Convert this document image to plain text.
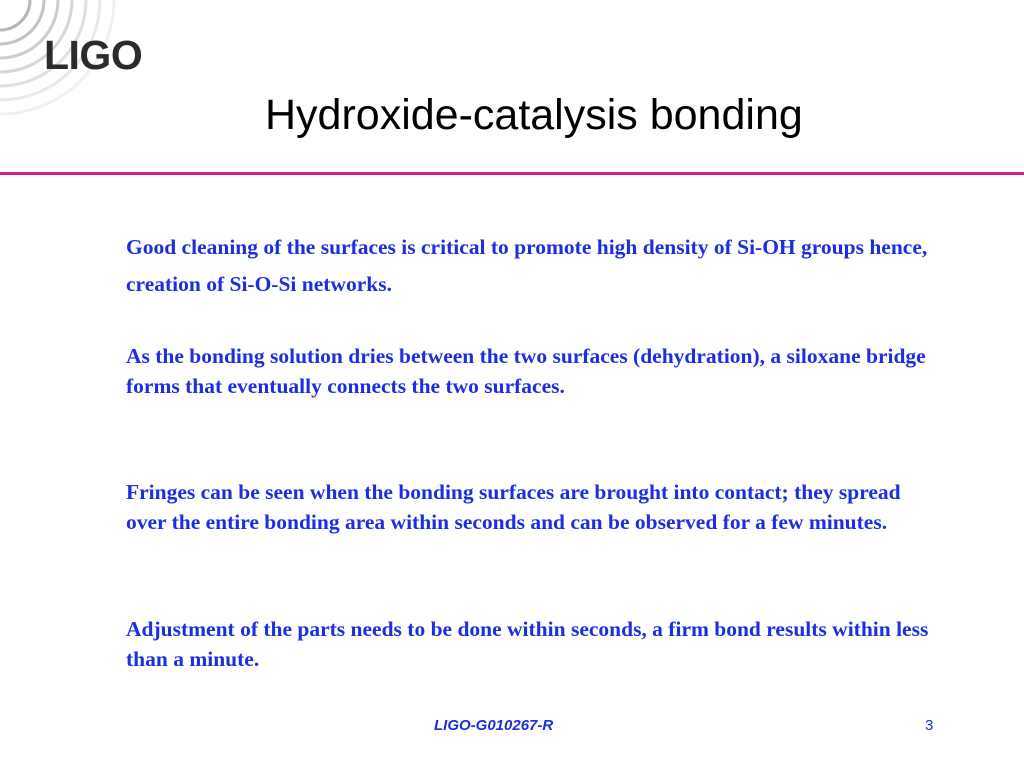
LIGO
Hydroxide-catalysis bonding

Good cleaning of the surfaces is critical to promote high density of Si-OH groups hence, creation of Si-O-Si networks.

As the bonding solution dries between the two surfaces (dehydration), a siloxane bridge forms that eventually connects the two surfaces.

Fringes can be seen when the bonding surfaces are brought into contact; they spread over the entire bonding area within seconds and can be observed for a few minutes.

Adjustment of the parts needs to be done within seconds, a firm bond results within less than a minute.

LIGO-G010267-R	3
